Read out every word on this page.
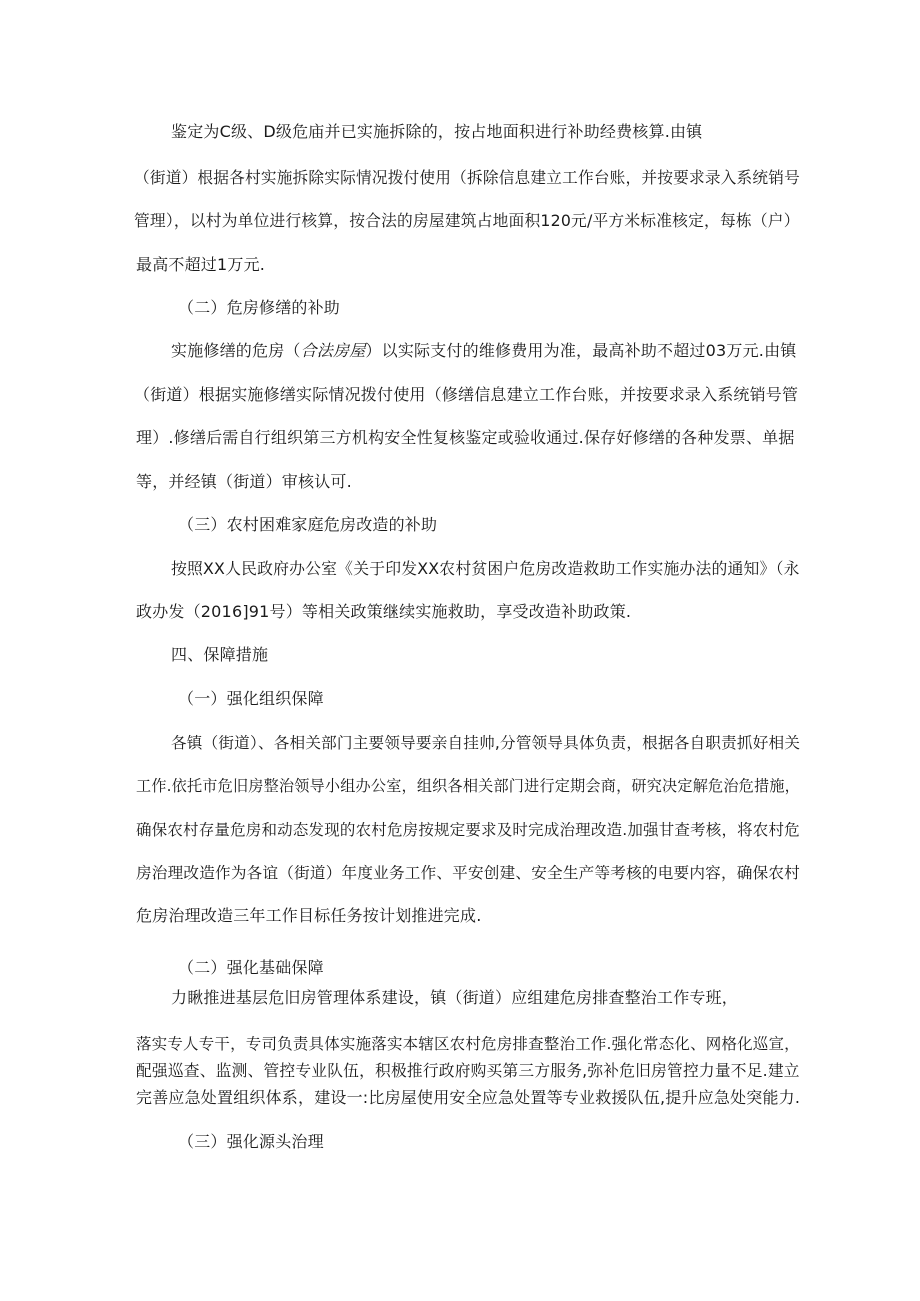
鉴定为C级、D级危庙并已实施拆除的，按占地面积进行补助经费核算.由镇
（街道）根据各村实施拆除实际情况拨付使用（拆除信息建立工作台账，并按要求录入系统销号
管理），以村为单位进行核算，按合法的房屋建筑占地面积120元/平方米标准核定，每栋（户）
最高不超过1万元.
（二）危房修缮的补助
实施修缮的危房（合法房屋）以实际支付的维修费用为准，最高补助不超过03万元.由镇
（街道）根据实施修缮实际情况拨付使用（修缮信息建立工作台账，并按要求录入系统销号管
理）.修缮后需自行组织第三方机构安全性复核鉴定或验收通过.保存好修缮的各种发票、单据
等，并经镇（街道）审核认可.
（三）农村困难家庭危房改造的补助
按照XX人民政府办公室《关于印发XX农村贫困户危房改造救助工作实施办法的通知》（永
政办发（2016]91号）等相关政策继续实施救助，享受改造补助政策.
四、保障措施
（一）强化组织保障
各镇（街道）、各相关部门主要领导要亲自挂帅,分管领导具体负责，根据各自职责抓好相关
工作.依托市危旧房整治领导小组办公室，组织各相关部门进行定期会商，研究决定解危治危措施，
确保农村存量危房和动态发现的农村危房按规定要求及时完成治理改造.加强甘查考核，将农村危
房治理改造作为各谊（街道）年度业务工作、平安创建、安全生产等考核的电要内容，确保农村
危房治理改造三年工作目标任务按计划推进完成.
（二）强化基础保障
力瞅推进基层危旧房管理体系建设，镇（街道）应组建危房排查整治工作专班，
落实专人专干，专司负责具体实施落实本辖区农村危房排查整治工作.强化常态化、网格化巡宣，
配强巡查、监测、管控专业队伍，积极推行政府购买第三方服务,弥补危旧房管控力量不足.建立
完善应急处置组织体系，建设一:比房屋使用安全应急处置等专业救援队伍,提升应急处突能力.
（三）强化源头治理
